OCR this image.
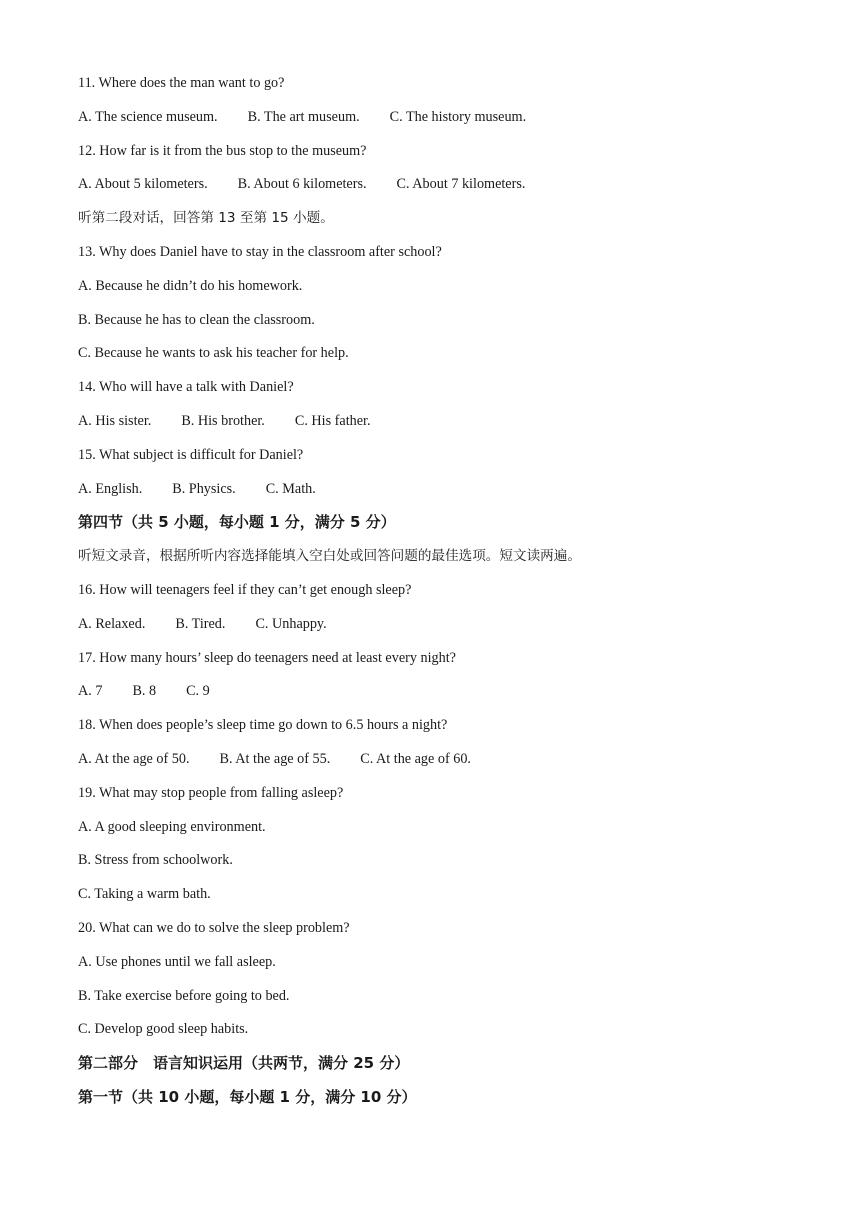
11. Where does the man want to go?
A. The science museum. B. The art museum. C. The history museum.
12. How far is it from the bus stop to the museum?
A. About 5 kilometers. B. About 6 kilometers. C. About 7 kilometers.
听第二段对话，回答第 13 至第 15 小题。
13. Why does Daniel have to stay in the classroom after school?
A. Because he didn’t do his homework.
B. Because he has to clean the classroom.
C. Because he wants to ask his teacher for help.
14. Who will have a talk with Daniel?
A. His sister. B. His brother. C. His father.
15. What subject is difficult for Daniel?
A. English. B. Physics. C. Math.
第四节（共 5 小题，每小题 1 分，满分 5 分）
听短文录音，根据所听内容选择能填入空白处或回答问题的最佳选项。短文读两遍。
16. How will teenagers feel if they can’t get enough sleep?
A. Relaxed. B. Tired. C. Unhappy.
17. How many hours’ sleep do teenagers need at least every night?
A. 7 B. 8 C. 9
18. When does people’s sleep time go down to 6.5 hours a night?
A. At the age of 50. B. At the age of 55. C. At the age of 60.
19. What may stop people from falling asleep?
A. A good sleeping environment.
B. Stress from schoolwork.
C. Taking a warm bath.
20. What can we do to solve the sleep problem?
A. Use phones until we fall asleep.
B. Take exercise before going to bed.
C. Develop good sleep habits.
第二部分　语言知识运用（共两节，满分 25 分）
第一节（共 10 小题，每小题 1 分，满分 10 分）
